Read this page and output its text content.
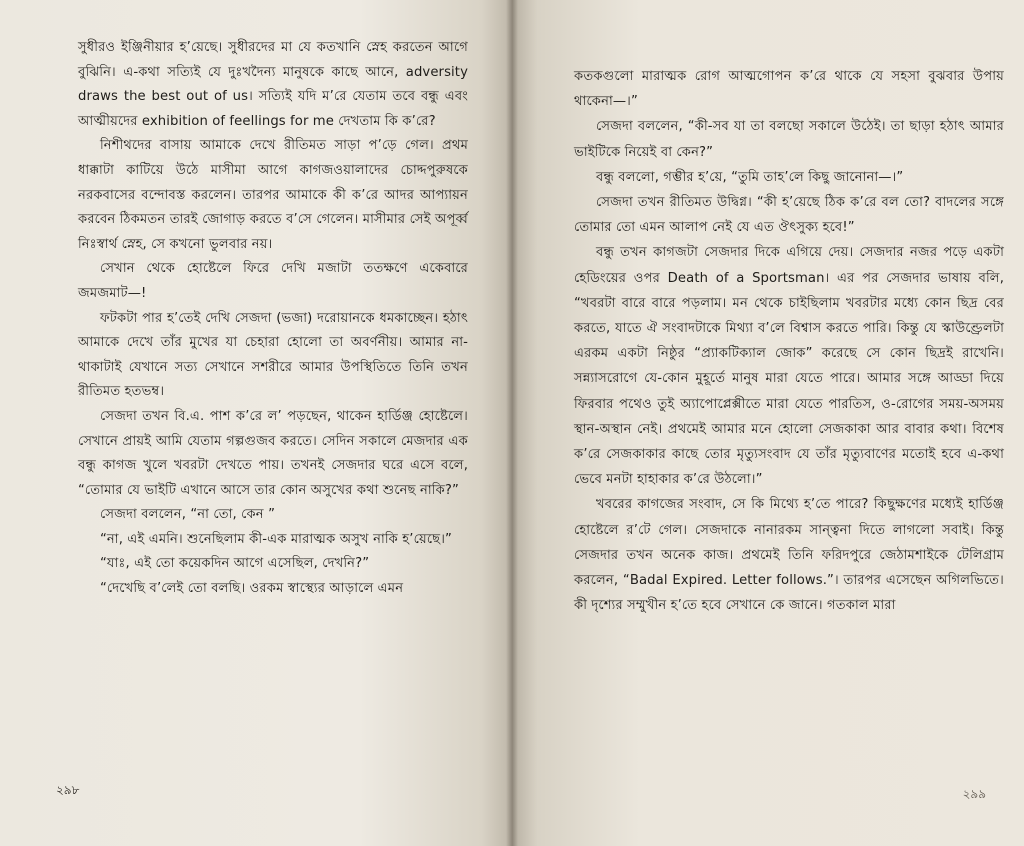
সুধীরও ইঞ্জিনীয়ার হ’য়েছে। সুধীরদের মা যে কতখানি স্নেহ করতেন আগে বুঝিনি। এ-কথা সত্যিই যে দুঃখদৈন্য মানুষকে কাছে আনে, adversity draws the best out of us। সত্যিই যদি ম’রে যেতাম তবে বন্ধু এবং আত্মীয়দের exhibition of feellings for me দেখতাম কি ক’রে?

নিশীথদের বাসায় আমাকে দেখে রীতিমত সাড়া প’ড়ে গেল। প্রথম ধাক্কাটা কাটিয়ে উঠে মাসীমা আগে কাগজওয়ালাদের চোদ্দপুরুষকে নরকবাসের বন্দোবস্ত করলেন। তারপর আমাকে কী ক’রে আদর আপ্যায়ন করবেন ঠিকমতন তারই জোগাড় করতে ব’সে গেলেন। মাসীমার সেই অপূর্ব্ব নিঃস্বার্থ স্নেহ, সে কখনো ভুলবার নয়।

সেখান থেকে হোষ্টেলে ফিরে দেখি মজাটা ততক্ষণে একেবারে জমজমাট—!

ফটকটা পার হ’তেই দেখি সেজদা (ভজা) দরোয়ানকে ধমকাচ্ছেন। হঠাৎ আমাকে দেখে তাঁর মুখের যা চেহারা হোলো তা অবর্ণনীয়। আমার না-থাকাটাই যেখানে সত্য সেখানে সশরীরে আমার উপস্থিতিতে তিনি তখন রীতিমত হতভম্ব।

সেজদা তখন বি.এ. পাশ ক’রে ল’ পড়ছেন, থাকেন হার্ডিঞ্জ হোষ্টেলে। সেখানে প্রায়ই আমি যেতাম গল্পগুজব করতে। সেদিন সকালে মেজদার এক বন্ধু কাগজ খুলে খবরটা দেখতে পায়। তখনই সেজদার ঘরে এসে বলে, “তোমার যে ভাইটি এখানে আসে তার কোন অসুখের কথা শুনেছ নাকি?”

সেজদা বললেন, “না তো, কেন ”

“না, এই এমনি। শুনেছিলাম কী-এক মারাত্মক অসুখ নাকি হ’য়েছে।”

“যাঃ, এই তো কয়েকদিন আগে এসেছিল, দেখনি?”

“দেখেছি ব’লেই তো বলছি। ওরকম স্বাস্থ্যের আড়ালে এমন

২৯৮

কতকগুলো মারাত্মক রোগ আত্মগোপন ক’রে থাকে যে সহসা বুঝবার উপায় থাকেনা—।”

সেজদা বললেন, “কী-সব যা তা বলছো সকালে উঠেই। তা ছাড়া হঠাৎ আমার ভাইটিকে নিয়েই বা কেন?”

বন্ধু বললো, গম্ভীর হ’য়ে, “তুমি তাহ’লে কিছু জানোনা—।”

সেজদা তখন রীতিমত উদ্বিগ্ন। “কী হ’য়েছে ঠিক ক’রে বল তো? বাদলের সঙ্গে তোমার তো এমন আলাপ নেই যে এত ঔৎসুক্য হবে!”

বন্ধু তখন কাগজটা সেজদার দিকে এগিয়ে দেয়। সেজদার নজর পড়ে একটা হেডিংয়ের ওপর Death of a Sportsman। এর পর সেজদার ভাষায় বলি, “খবরটা বারে বারে পড়লাম। মন থেকে চাইছিলাম খবরটার মধ্যে কোন ছিদ্র বের করতে, যাতে ঐ সংবাদটাকে মিথ্যা ব’লে বিশ্বাস করতে পারি। কিন্তু যে স্কাউণ্ড্রেলটা এরকম একটা নিষ্ঠুর “প্র্যাকটিক্যাল জোক” করেছে সে কোন ছিদ্রই রাখেনি। সন্ন্যাসরোগে যে-কোন মুহূর্তে মানুষ মারা যেতে পারে। আমার সঙ্গে আড্ডা দিয়ে ফিরবার পথেও তুই অ্যাপোপ্লেক্সীতে মারা যেতে পারতিস, ও-রোগের সময়-অসময় স্থান-অস্থান নেই। প্রথমেই আমার মনে হোলো সেজকাকা আর বাবার কথা। বিশেষ ক’রে সেজকাকার কাছে তোর মৃত্যুসংবাদ যে তাঁর মৃত্যুবাণের মতোই হবে এ-কথা ভেবে মনটা হাহাকার ক’রে উঠলো।”

খবরের কাগজের সংবাদ, সে কি মিথ্যে হ’তে পারে? কিছুক্ষণের মধ্যেই হার্ডিঞ্জ হোষ্টেলে র’টে গেল। সেজদাকে নানারকম সান্ত্বনা দিতে লাগলো সবাই। কিন্তু সেজদার তখন অনেক কাজ। প্রথমেই তিনি ফরিদপুরে জেঠামশাইকে টেলিগ্রাম করলেন, “Badal Expired. Letter follows.”। তারপর এসেছেন অগিলভিতে। কী দৃশ্যের সম্মুখীন হ’তে হবে সেখানে কে জানে। গতকাল মারা

২৯৯
